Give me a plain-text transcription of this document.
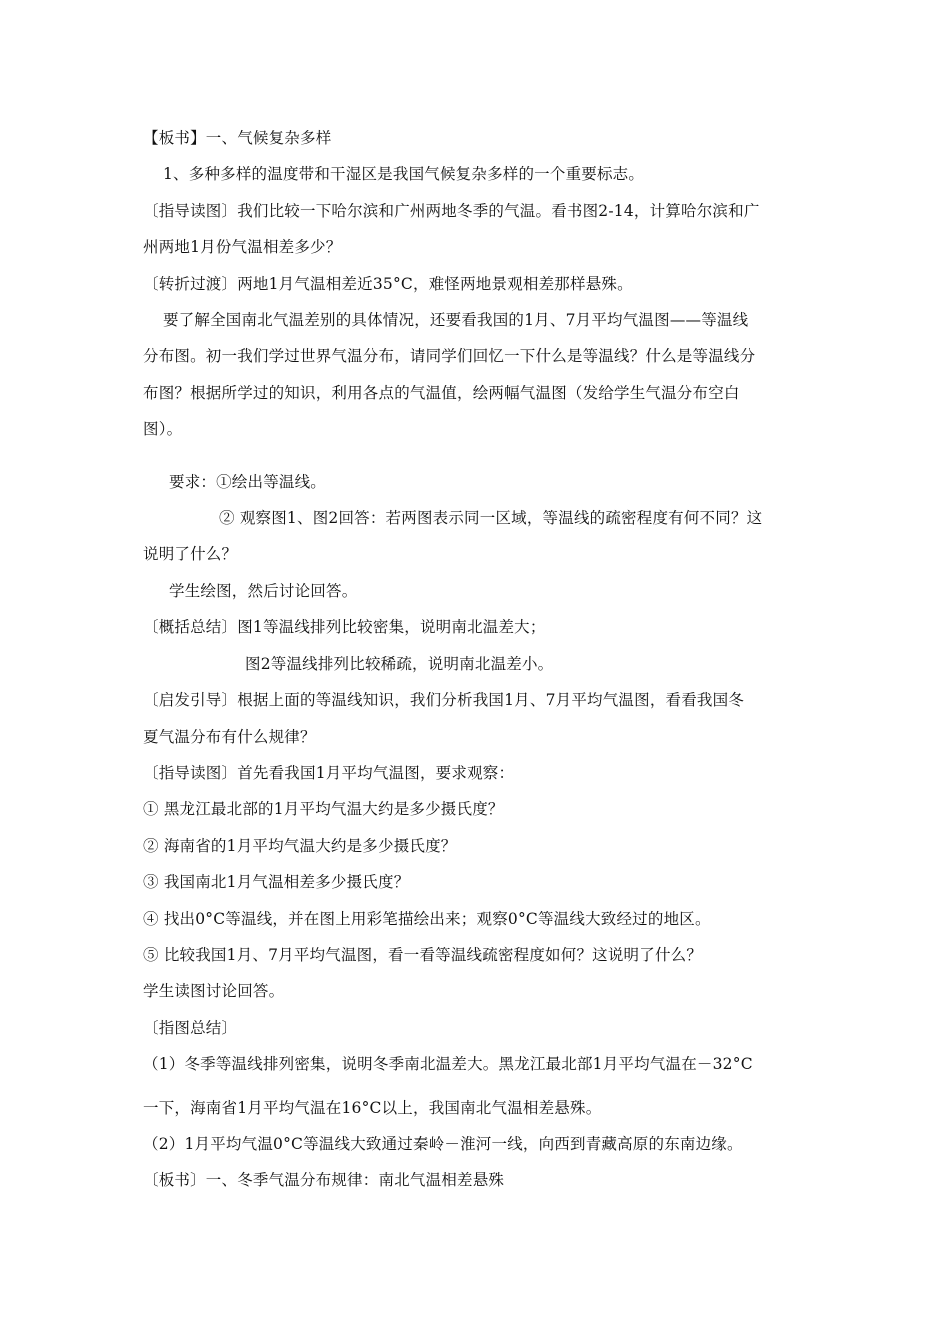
【板书】一、气候复杂多样
1、多种多样的温度带和干湿区是我国气候复杂多样的一个重要标志。
〔指导读图〕我们比较一下哈尔滨和广州两地冬季的气温。看书图2-14，计算哈尔滨和广
州两地1月份气温相差多少？
〔转折过渡〕两地1月气温相差近35°C，难怪两地景观相差那样悬殊。
要了解全国南北气温差别的具体情况，还要看我国的1月、7月平均气温图——等温线
分布图。初一我们学过世界气温分布，请同学们回忆一下什么是等温线？什么是等温线分
布图？根据所学过的知识，利用各点的气温值，绘两幅气温图（发给学生气温分布空白
图）。
要求：①绘出等温线。
② 观察图1、图2回答：若两图表示同一区域，等温线的疏密程度有何不同？这
说明了什么？
学生绘图，然后讨论回答。
〔概括总结〕图1等温线排列比较密集，说明南北温差大；
图2等温线排列比较稀疏，说明南北温差小。
〔启发引导〕根据上面的等温线知识，我们分析我国1月、7月平均气温图，看看我国冬
夏气温分布有什么规律？
〔指导读图〕首先看我国1月平均气温图，要求观察：
① 黑龙江最北部的1月平均气温大约是多少摄氏度？
② 海南省的1月平均气温大约是多少摄氏度？
③ 我国南北1月气温相差多少摄氏度？
④ 找出0°C等温线，并在图上用彩笔描绘出来；观察0°C等温线大致经过的地区。
⑤ 比较我国1月、7月平均气温图，看一看等温线疏密程度如何？这说明了什么？
学生读图讨论回答。
〔指图总结〕
（1）冬季等温线排列密集，说明冬季南北温差大。黑龙江最北部1月平均气温在－32°C
一下，海南省1月平均气温在16°C以上，我国南北气温相差悬殊。
（2）1月平均气温0°C等温线大致通过秦岭－淮河一线，向西到青藏高原的东南边缘。
〔板书〕一、冬季气温分布规律：南北气温相差悬殊
